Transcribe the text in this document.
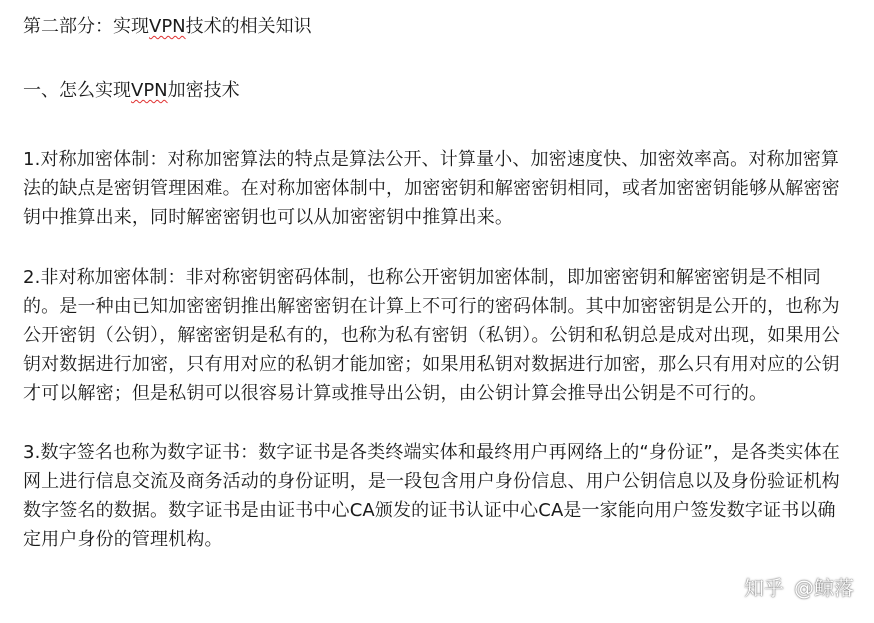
第二部分：实现VPN技术的相关知识

一、怎么实现VPN加密技术

1.对称加密体制：对称加密算法的特点是算法公开、计算量小、加密速度快、加密效率高。对称加密算法的缺点是密钥管理困难。在对称加密体制中，加密密钥和解密密钥相同，或者加密密钥能够从解密密钥中推算出来，同时解密密钥也可以从加密密钥中推算出来。

2.非对称加密体制：非对称密钥密码体制，也称公开密钥加密体制，即加密密钥和解密密钥是不相同的。是一种由已知加密密钥推出解密密钥在计算上不可行的密码体制。其中加密密钥是公开的，也称为公开密钥（公钥），解密密钥是私有的，也称为私有密钥（私钥）。公钥和私钥总是成对出现，如果用公钥对数据进行加密，只有用对应的私钥才能加密；如果用私钥对数据进行加密，那么只有用对应的公钥才可以解密；但是私钥可以很容易计算或推导出公钥，由公钥计算会推导出公钥是不可行的。

3.数字签名也称为数字证书：数字证书是各类终端实体和最终用户再网络上的“身份证”，是各类实体在网上进行信息交流及商务活动的身份证明，是一段包含用户身份信息、用户公钥信息以及身份验证机构数字签名的数据。数字证书是由证书中心CA颁发的证书认证中心CA是一家能向用户签发数字证书以确定用户身份的管理机构。

知乎 @鲸落
